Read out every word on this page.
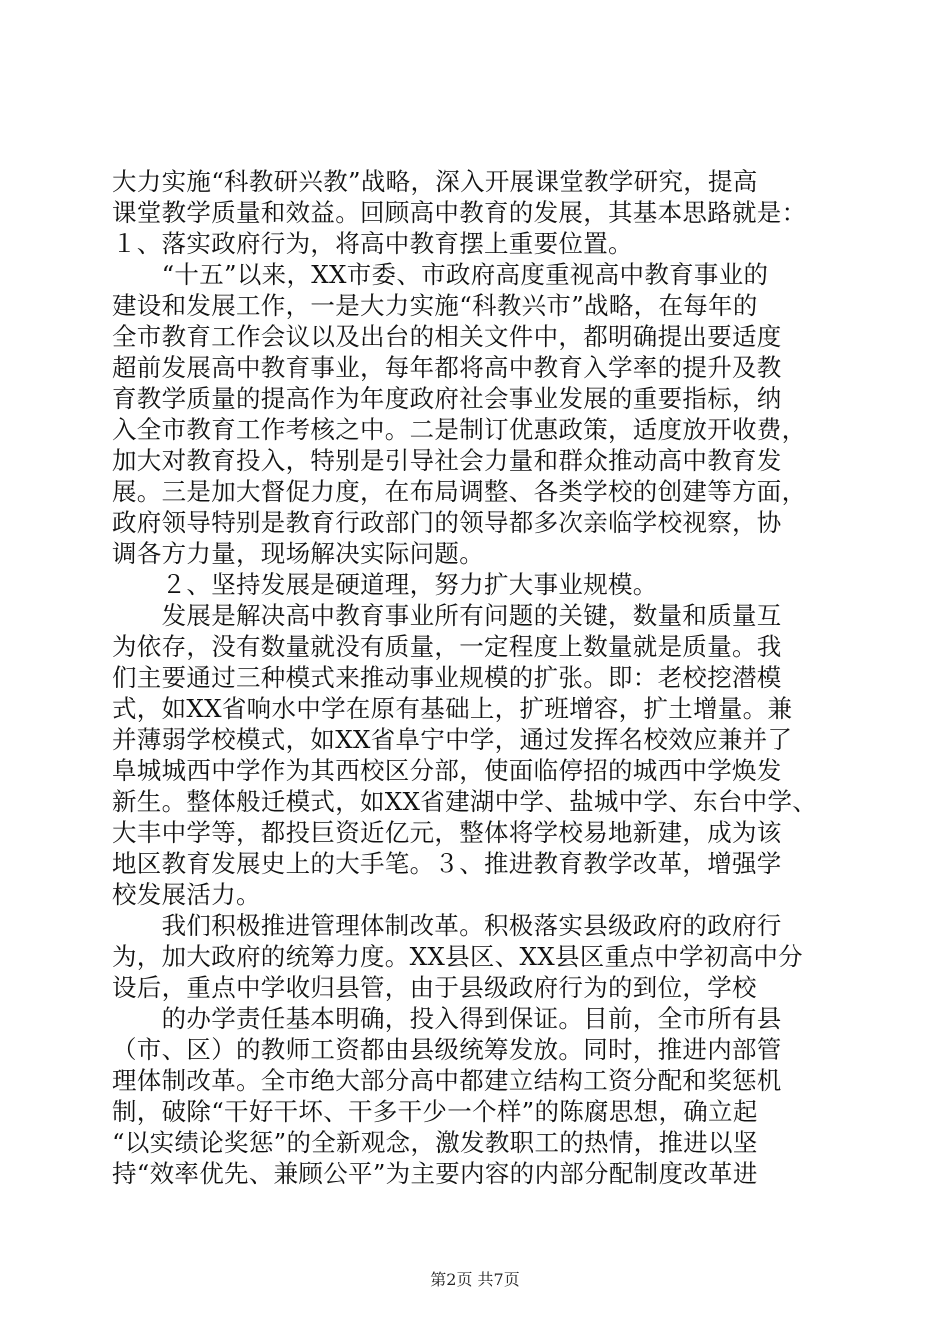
大力实施“科教研兴教”战略，深入开展课堂教学研究，提高
课堂教学质量和效益。回顾高中教育的发展，其基本思路就是：
１、落实政府行为，将高中教育摆上重要位置。
　　“十五”以来，XX市委、市政府高度重视高中教育事业的
建设和发展工作，一是大力实施“科教兴市”战略，在每年的
全市教育工作会议以及出台的相关文件中，都明确提出要适度
超前发展高中教育事业，每年都将高中教育入学率的提升及教
育教学质量的提高作为年度政府社会事业发展的重要指标，纳
入全市教育工作考核之中。二是制订优惠政策，适度放开收费，
加大对教育投入，特别是引导社会力量和群众推动高中教育发
展。三是加大督促力度，在布局调整、各类学校的创建等方面，
政府领导特别是教育行政部门的领导都多次亲临学校视察，协
调各方力量，现场解决实际问题。
　　２、坚持发展是硬道理，努力扩大事业规模。
　　发展是解决高中教育事业所有问题的关键，数量和质量互
为依存，没有数量就没有质量，一定程度上数量就是质量。我
们主要通过三种模式来推动事业规模的扩张。即：老校挖潜模
式，如XX省响水中学在原有基础上，扩班增容，扩土增量。兼
并薄弱学校模式，如XX省阜宁中学，通过发挥名校效应兼并了
阜城城西中学作为其西校区分部，使面临停招的城西中学焕发
新生。整体般迁模式，如XX省建湖中学、盐城中学、东台中学、
大丰中学等，都投巨资近亿元，整体将学校易地新建，成为该
地区教育发展史上的大手笔。３、推进教育教学改革，增强学
校发展活力。
　　我们积极推进管理体制改革。积极落实县级政府的政府行
为，加大政府的统筹力度。XX县区、XX县区重点中学初高中分
设后，重点中学收归县管，由于县级政府行为的到位，学校
　　的办学责任基本明确，投入得到保证。目前，全市所有县
（市、区）的教师工资都由县级统筹发放。同时，推进内部管
理体制改革。全市绝大部分高中都建立结构工资分配和奖惩机
制，破除“干好干坏、干多干少一个样”的陈腐思想，确立起
“以实绩论奖惩”的全新观念，激发教职工的热情，推进以坚
持“效率优先、兼顾公平”为主要内容的内部分配制度改革进
第2页 共7页
